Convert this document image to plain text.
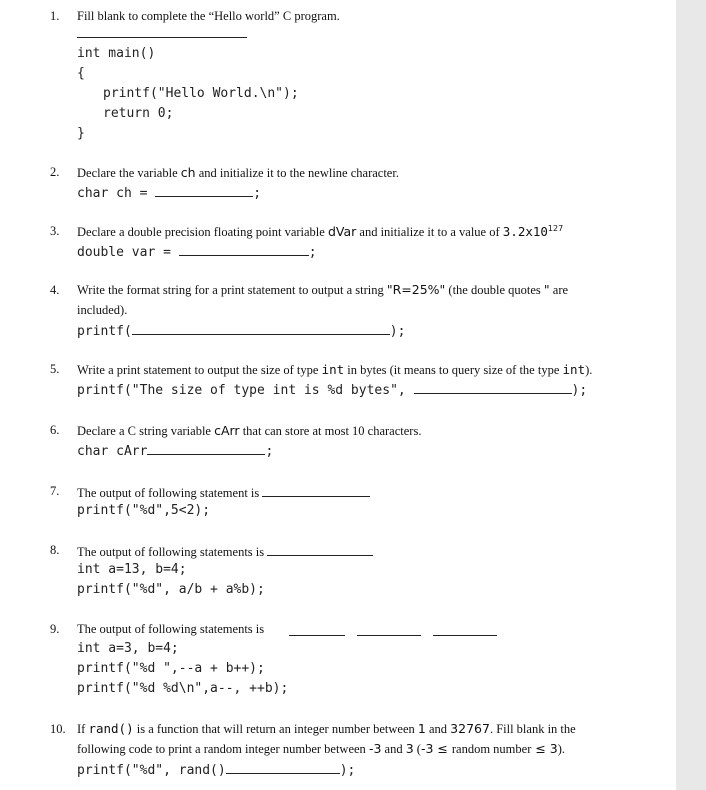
1. Fill blank to complete the “Hello world” C program.
int main()
{
printf("Hello World.\n");
return 0;
}
2. Declare the variable ch and initialize it to the newline character.
char ch =	;
3. Declare a double precision floating point variable dVar and initialize it to a value of $3.2x10^{127}$
double var =	;
4. Write the format string for a print statement to output a string "R=25%" (the double quotes " are included).
printf(	);
5. Write a print statement to output the size of type int in bytes (it means to query size of the type int).
printf("The size of type int is %d bytes",	);
6. Declare a C string variable cArr that can store at most 10 characters.
char cArr	;
7. The output of following statement is
printf("%d",5<2);
8. The output of following statements is
int a=13, b=4;
printf("%d", a/b + a%b);
9. The output of following statements is
int a=3, b=4;
printf("%d ",--a + b++);
printf("%d %d\n",a--, ++b);
10. If rand() is a function that will return an integer number between 1 and 32767. Fill blank in the following code to print a random integer number between -3 and 3 (-3 ≤ random number ≤ 3).
printf("%d", rand()	);
